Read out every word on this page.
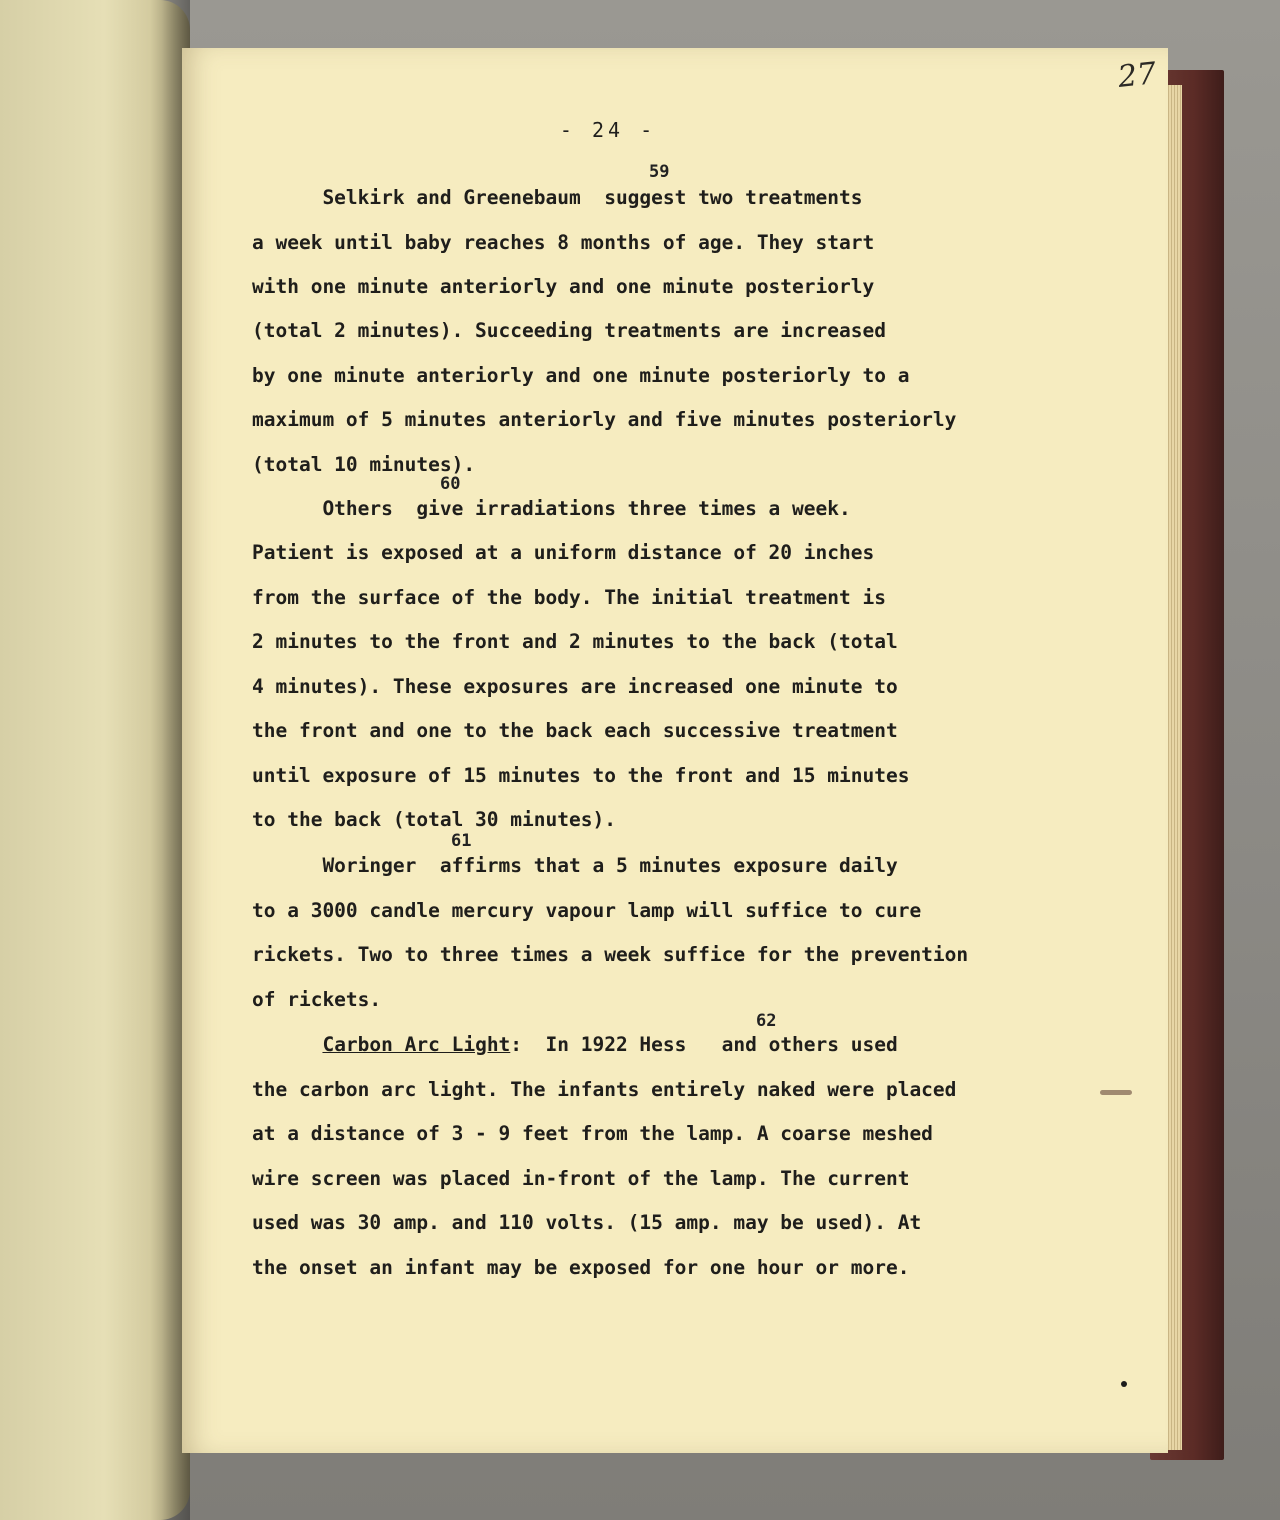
27
- 24 -
59
Selkirk and Greenebaum  suggest two treatments
a week until baby reaches 8 months of age. They start
with one minute anteriorly and one minute posteriorly
(total 2 minutes). Succeeding treatments are increased
by one minute anteriorly and one minute posteriorly to a
maximum of 5 minutes anteriorly and five minutes posteriorly
(total 10 minutes).
60
Others  give irradiations three times a week.
Patient is exposed at a uniform distance of 20 inches
from the surface of the body. The initial treatment is
2 minutes to the front and 2 minutes to the back (total
4 minutes). These exposures are increased one minute to
the front and one to the back each successive treatment
until exposure of 15 minutes to the front and 15 minutes
to the back (total 30 minutes).
61
Woringer  affirms that a 5 minutes exposure daily
to a 3000 candle mercury vapour lamp will suffice to cure
rickets. Two to three times a week suffice for the prevention
of rickets.
62
Carbon Arc Light:  In 1922 Hess   and others used
the carbon arc light. The infants entirely naked were placed
at a distance of 3 - 9 feet from the lamp. A coarse meshed
wire screen was placed in-front of the lamp. The current
used was 30 amp. and 110 volts. (15 amp. may be used). At
the onset an infant may be exposed for one hour or more.
